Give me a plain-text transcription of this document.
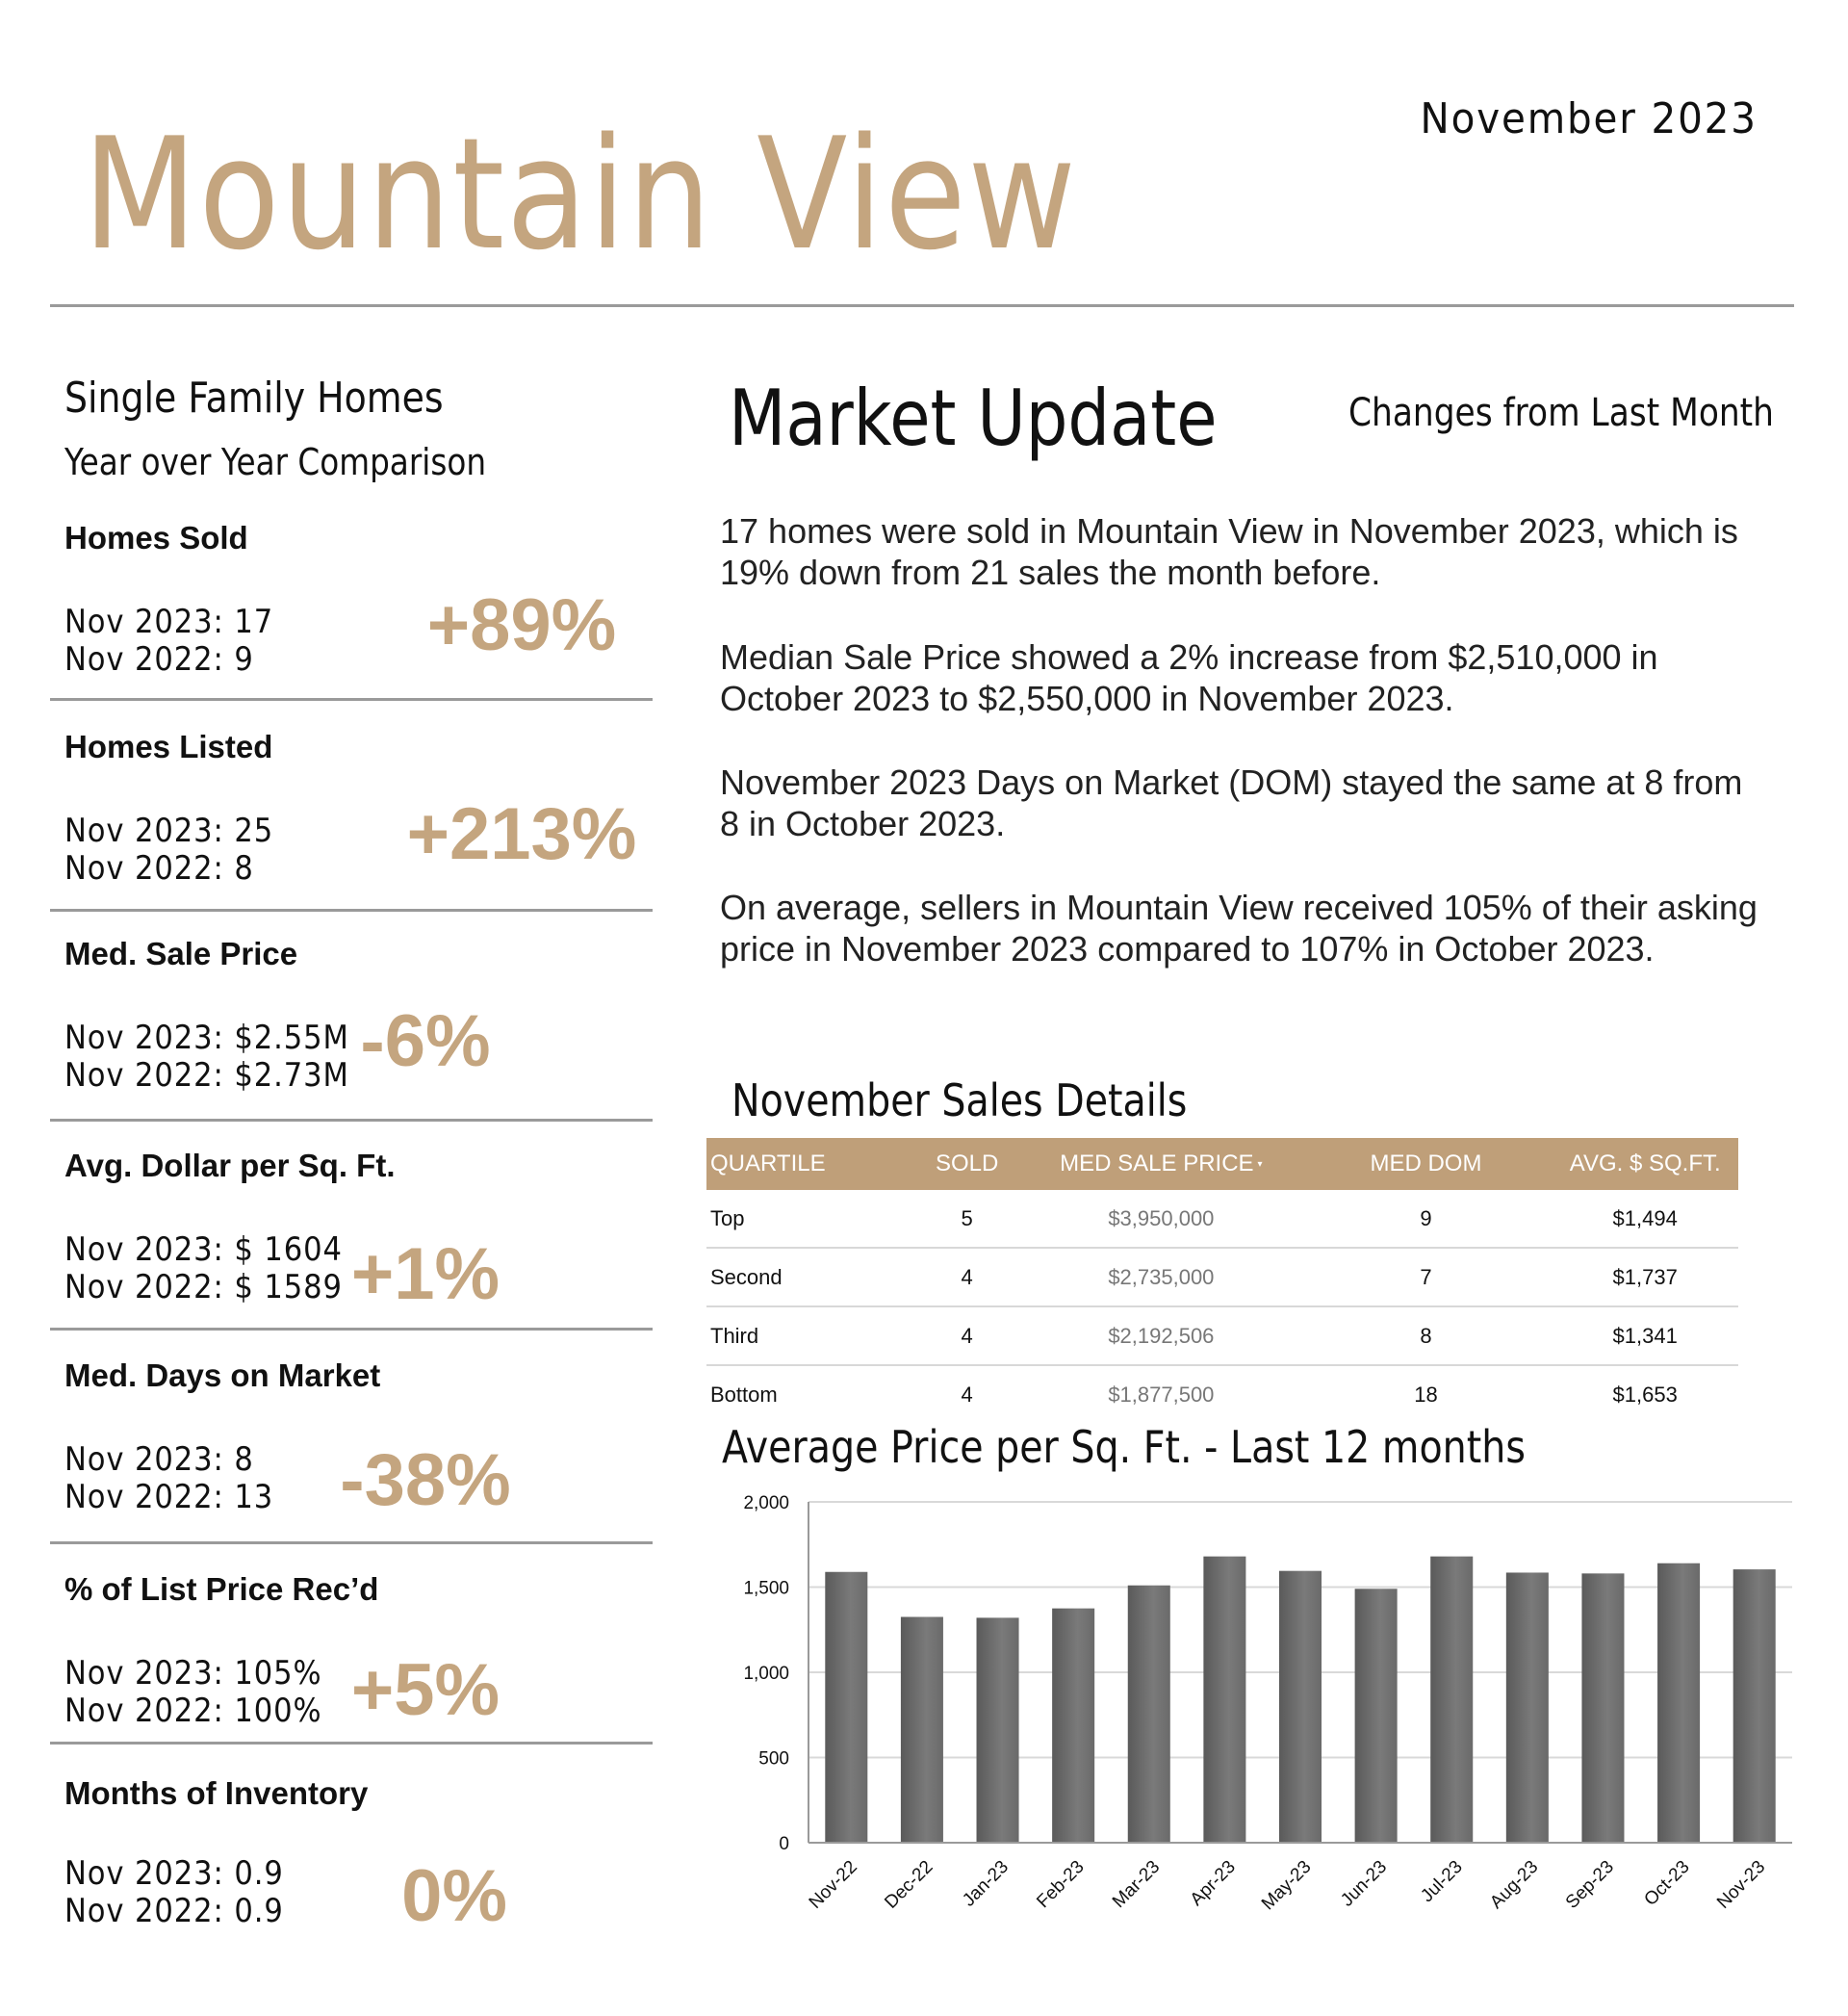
Mountain View	November 2023
Single Family Homes
Year over Year Comparison
Homes Sold
Nov 2023: 17
Nov 2022: 9	+89%
Homes Listed
Nov 2023: 25
Nov 2022: 8	+213%
Med. Sale Price
Nov 2023: $2.55M
Nov 2022: $2.73M -6%
Avg. Dollar per Sq. Ft.
Nov 2023: $ 1604
Nov 2022: $ 1589 +1%
Med. Days on Market
Nov 2023: 8
Nov 2022: 13 -38%
% of List Price Rec’d
Nov 2023: 105%
Nov 2022: 100% +5%
Months of Inventory
Nov 2023: 0.9
Nov 2022: 0.9	0%
Market Update	Changes from Last Month
17 homes were sold in Mountain View in November 2023, which is 19% down from 21 sales the month before.
Median Sale Price showed a 2% increase from $2,510,000 in October 2023 to $2,550,000 in November 2023.
November 2023 Days on Market (DOM) stayed the same at 8 from 8 in October 2023.
On average, sellers in Mountain View received 105% of their asking price in November 2023 compared to 107% in October 2023.
November Sales Details
QUARTILE	SOLD	MED SALE PRICE ▾	MED DOM	AVG. $ SQ.FT.
Top	5	$3,950,000	9	$1,494
Second	4	$2,735,000	7	$1,737
Third	4	$2,192,506	8	$1,341
Bottom	4	$1,877,500	18	$1,653
Average Price per Sq. Ft. - Last 12 months
0
500
1,000
1,500
2,000
Nov-22 Dec-22 Jan-23 Feb-23 Mar-23 Apr-23 May-23 Jun-23 Jul-23 Aug-23 Sep-23 Oct-23 Nov-23
